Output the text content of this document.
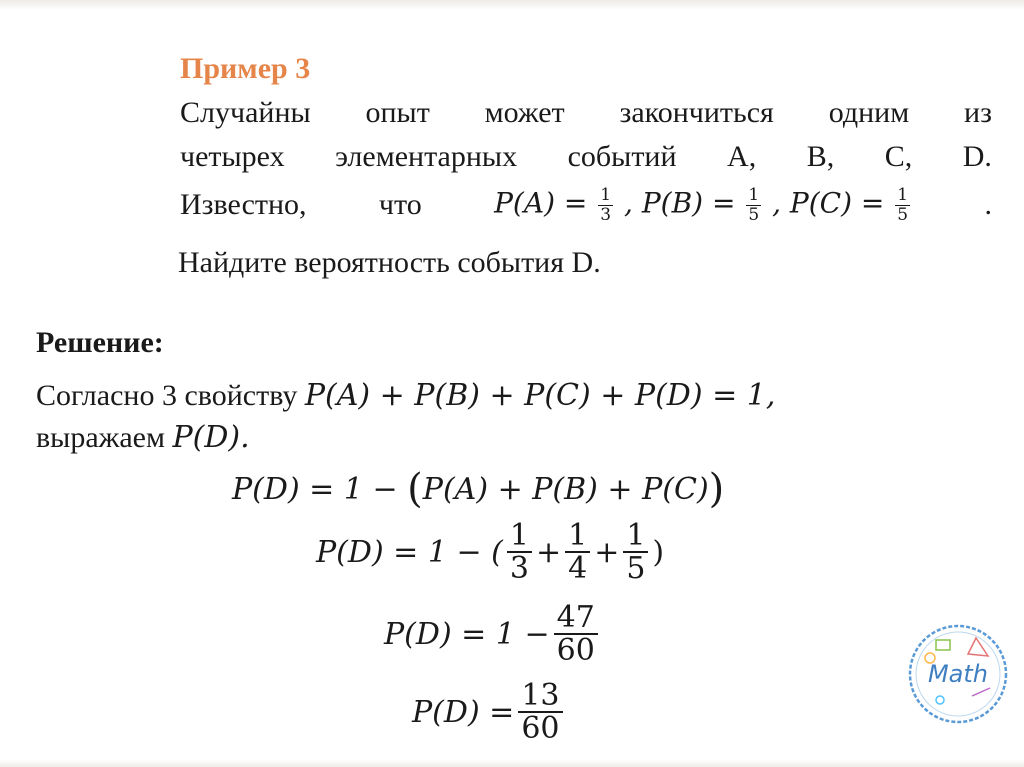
Пример 3
Случайны опыт может закончиться одним из
четырех элементарных событий A, B, C, D.
Известно, что	$P(A) = \frac{1}{3}$ , $P(B) = \frac{1}{5}$ , $P(C) = \frac{1}{5}$ .
Найдите вероятность события D.
Решение:
Согласно 3 свойству P(A) + P(B) + P(C) + P(D) = 1,
выражаем P(D).
P(D) = 1 −
( P(A) + P(B) + P(C) )
P(D) = 1 − ( $\frac{1}{3} + \frac{1}{4} + \frac{1}{5}$ )
$P(D) = 1 - \frac{47}{60}$
$P(D) = \frac{13}{60}$
Math
